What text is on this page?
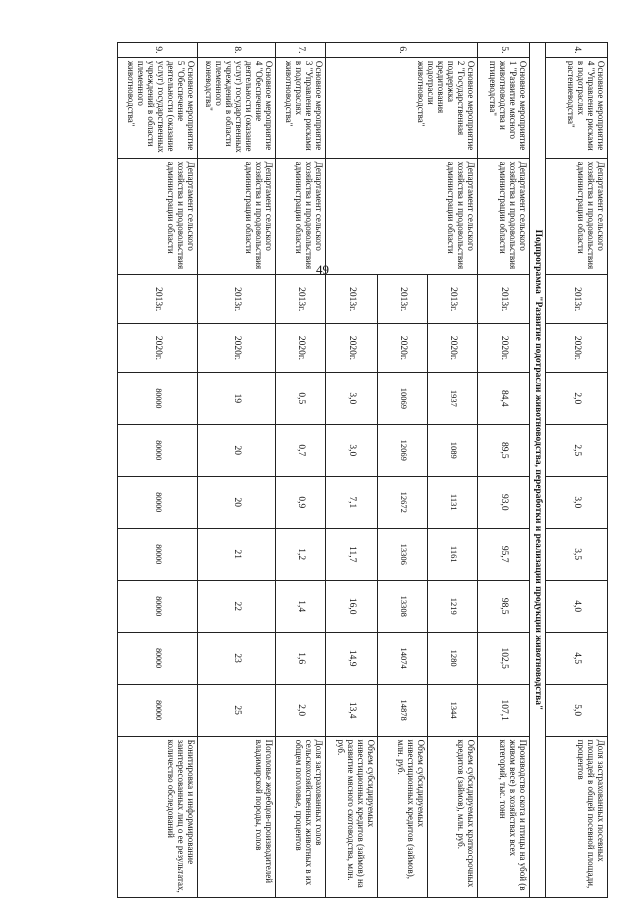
49
4.	Основное мероприятие 4 "Управление рисками в подотраслях растениеводства"	Департамент сельского хозяйства и продовольствия администрации области	2013г.	2020г.	2,0	2,5	3,0	3,5	4,0	4,5	5,0	Доля застрахованных посевных площадей в общей посевной площади, процентов
Подпрограмма "Развитие подотрасли животноводства, переработки и реализации продукции животноводства"												
5.	Основное мероприятие 1 "Развитие мясного животноводства и птицеводства"	Департамент сельского хозяйства и продовольствия администрации области	2013г.	2020г.	84,4	89,5	93,0	95,7	98,5	102,5	107,1	Производство скота и птицы на убой (в живом весе) в хозяйствах всех категорий, тыс. тонн
6.	Основное мероприятие 2 "Государственная поддержка кредитования подотрасли животноводства"	Департамент сельского хозяйства и продовольствия администрации области	2013г.	2020г.	1937	1089	1131	1161	1219	1280	1344	Объем субсидируемых краткосрочных кредитов (займов), млн. руб.
			2013г.	2020г.	10069	12069	12672	13306	13308	14074	14878	Объем субсидируемых инвестиционных кредитов (займов), млн. руб.
			2013г.	2020г.	3,0	3,0	7,1	11,7	16,0	14,9	13,4	Объем субсидируемых инвестиционных кредитов (займов) на развитие мясного скотоводства, млн. руб.
7.	Основное мероприятие 3 "Управление рисками в подотраслях животноводства"	Департамент сельского хозяйства и продовольствия администрации области	2013г.	2020г.	0,5	0,7	0,9	1,2	1,4	1,6	2,0	Доля застрахованных голов сельскохозяйственных животных в их общем поголовье, процентов
8.	Основное мероприятие 4 "Обеспечение деятельности (оказание услуг) государственных учреждений в области племенного коневодства"	Департамент сельского хозяйства и продовольствия администрации области	2013г.	2020г.	19	20	20	21	22	23	25	Поголовье жеребцов-производителей владимирской породы, голов
9.	Основное мероприятие 5 "Обеспечение деятельности (оказание услуг) государственных учреждений в области племенного животноводства"	Департамент сельского хозяйства и продовольствия администрации области	2013г.	2020г.	80000	80000	80000	80000	80000	80000	80000	Бонитировка и информирование заинтересованных лиц о ее результатах, количество обследований
